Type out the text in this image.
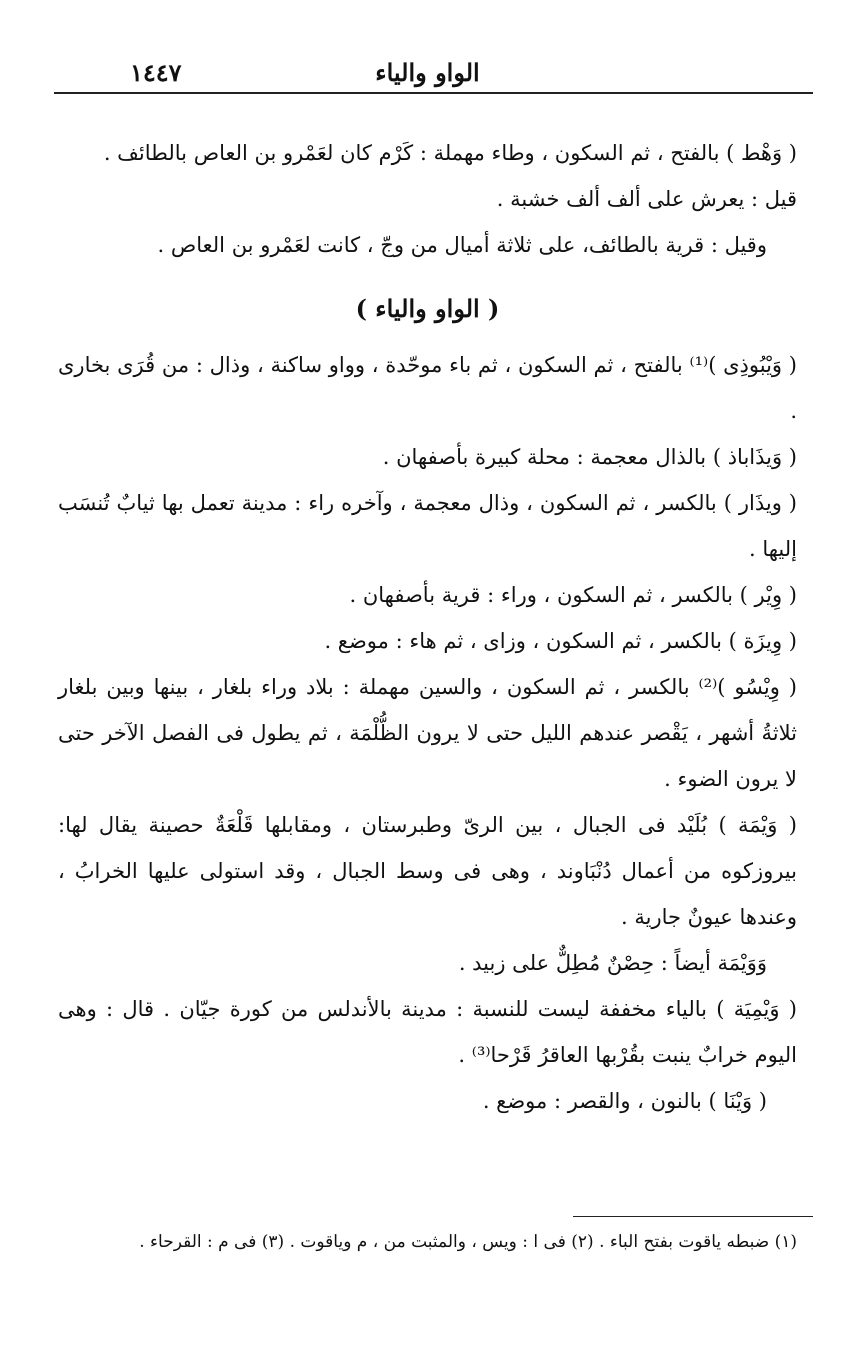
الواو والياء
١٤٤٧

( وَهْط ) بالفتح ، ثم السكون ، وطاء مهملة : كَرْم كان لعَمْرو بن العاص بالطائف .

قيل : يعرش على ألف ألف خشبة .

وقيل : قرية بالطائف، على ثلاثة أميال من وجّ ، كانت لعَمْرو بن العاص .

( الواو والياء )

( وَيْبُوذِى )⁽¹⁾ بالفتح ، ثم السكون ، ثم باء موحّدة ، وواو ساكنة ، وذال : من قُرَى بخارى .

( وَيذَاباذ ) بالذال معجمة : محلة كبيرة بأصفهان .

( ويذَار ) بالكسر ، ثم السكون ، وذال معجمة ، وآخره راء : مدينة تعمل بها ثيابٌ تُنسَب إليها .

( وِيْر ) بالكسر ، ثم السكون ، وراء : قرية بأصفهان .

( وِيزَة ) بالكسر ، ثم السكون ، وزاى ، ثم هاء : موضع .

( وِيْسُو )⁽²⁾ بالكسر ، ثم السكون ، والسين مهملة : بلاد وراء بلغار ، بينها وبين بلغار ثلاثةُ أشهر ، يَقْصر عندهم الليل حتى لا يرون الظُّلْمَة ، ثم يطول فى الفصل الآخر حتى لا يرون الضوء .

( وَيْمَة ) بُلَيْد فى الجبال ، بين الرىّ وطبرستان ، ومقابلها قَلْعَةٌ حصينة يقال لها: بيروزكوه من أعمال دُنْبَاوند ، وهى فى وسط الجبال ، وقد استولى عليها الخرابُ ، وعندها عيونٌ جارية .

وَوَيْمَة أيضاً : حِصْنٌ مُطِلٌّ على زبيد .

( وَيْمِيَة ) بالياء مخففة ليست للنسبة : مدينة بالأندلس من كورة جيّان . قال : وهى اليوم خرابٌ ينبت بقُرْبها العاقرُ قَرْحا⁽³⁾ .

( وَيْنَا ) بالنون ، والقصر : موضع .

(١) ضبطه ياقوت بفتح الباء . (٢) فى ا : ويس ، والمثبت من ، م وياقوت . (٣) فى م : القرحاء .
